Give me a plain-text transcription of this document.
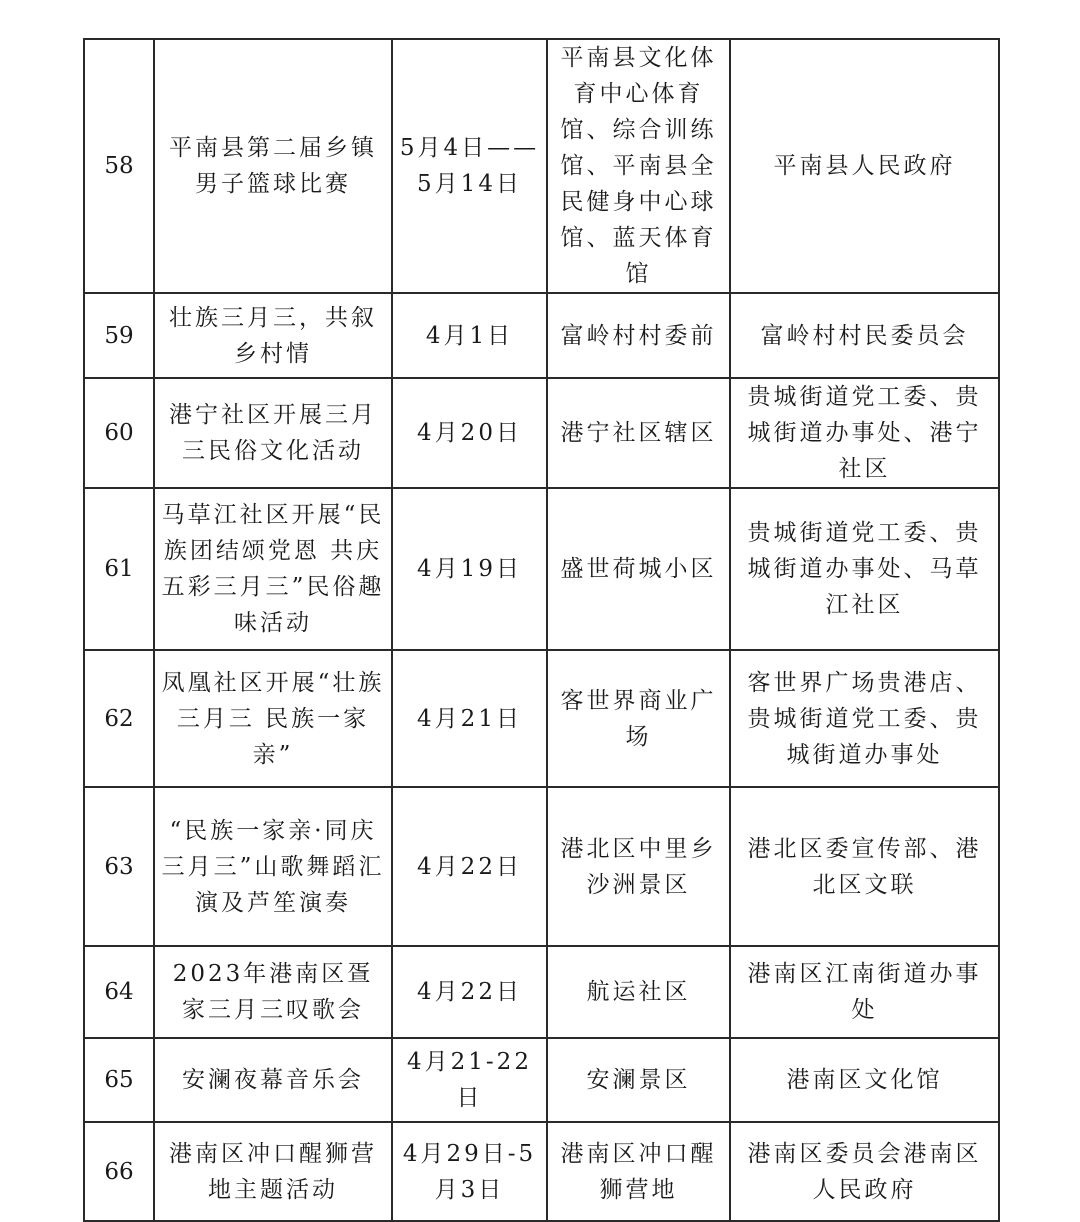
58	平南县第二届乡镇男子篮球比赛	5月4日——5月14日	平南县文化体育中心体育馆、综合训练馆、平南县全民健身中心球馆、蓝天体育馆	平南县人民政府
59	壮族三月三，共叙乡村情	4月1日	富岭村村委前	富岭村村民委员会
60	港宁社区开展三月三民俗文化活动	4月20日	港宁社区辖区	贵城街道党工委、贵城街道办事处、港宁社区
61	马草江社区开展“民族团结颂党恩 共庆五彩三月三”民俗趣味活动	4月19日	盛世荷城小区	贵城街道党工委、贵城街道办事处、马草江社区
62	凤凰社区开展“壮族三月三 民族一家亲”	4月21日	客世界商业广场	客世界广场贵港店、贵城街道党工委、贵城街道办事处
63	“民族一家亲·同庆三月三”山歌舞蹈汇演及芦笙演奏	4月22日	港北区中里乡沙洲景区	港北区委宣传部、港北区文联
64	2023年港南区疍家三月三叹歌会	4月22日	航运社区	港南区江南街道办事处
65	安澜夜幕音乐会	4月21-22日	安澜景区	港南区文化馆
66	港南区冲口醒狮营地主题活动	4月29日-5月3日	港南区冲口醒狮营地	港南区委员会港南区人民政府
